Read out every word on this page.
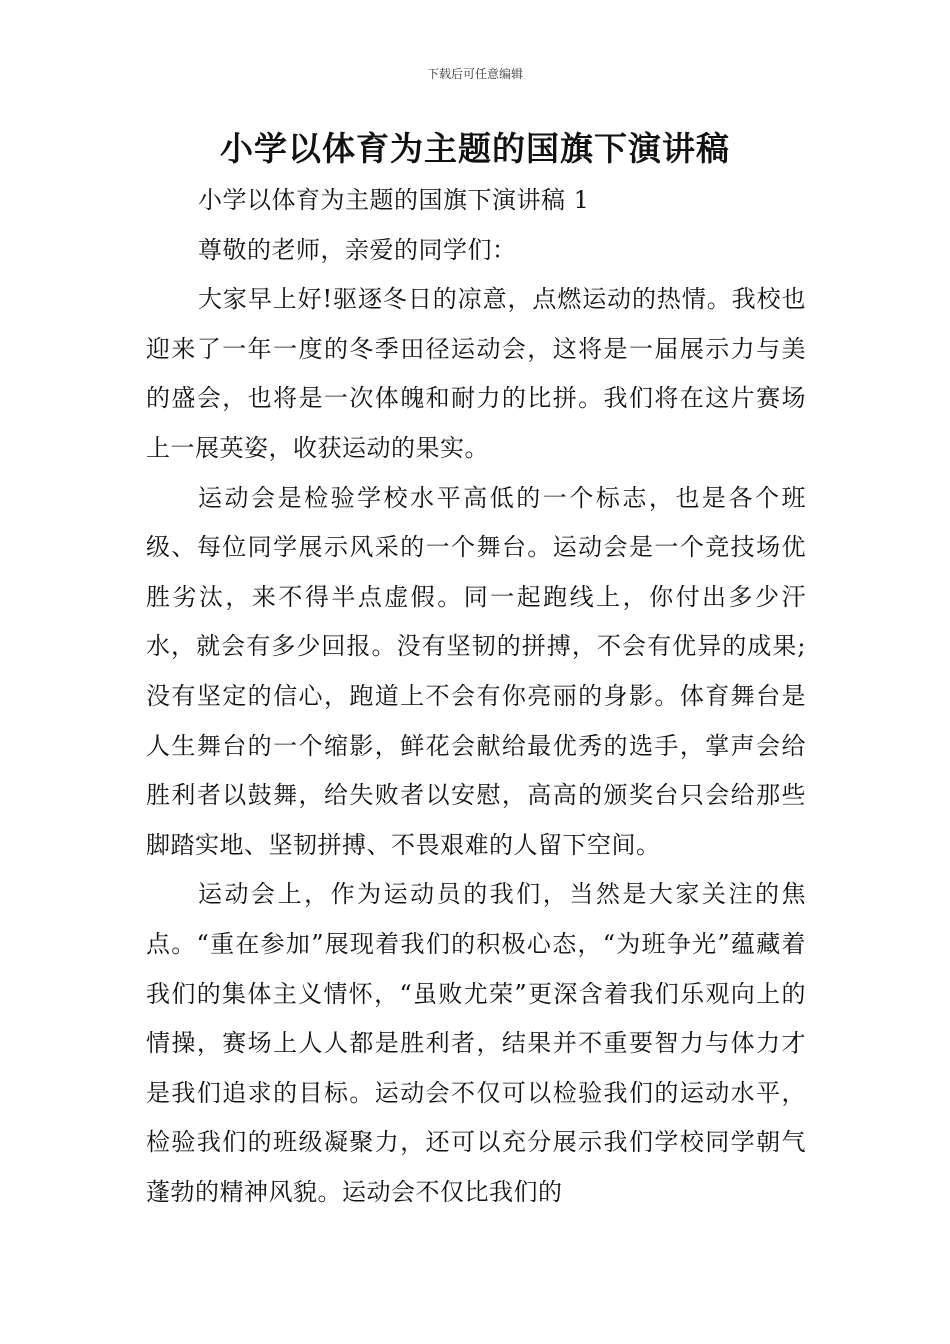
下载后可任意编辑
小学以体育为主题的国旗下演讲稿

小学以体育为主题的国旗下演讲稿 1

尊敬的老师，亲爱的同学们：

大家早上好!驱逐冬日的凉意，点燃运动的热情。我校也迎来了一年一度的冬季田径运动会，这将是一届展示力与美的盛会，也将是一次体魄和耐力的比拼。我们将在这片赛场上一展英姿，收获运动的果实。

运动会是检验学校水平高低的一个标志，也是各个班级、每位同学展示风采的一个舞台。运动会是一个竞技场优胜劣汰，来不得半点虚假。同一起跑线上，你付出多少汗水，就会有多少回报。没有坚韧的拼搏，不会有优异的成果;没有坚定的信心，跑道上不会有你亮丽的身影。体育舞台是人生舞台的一个缩影，鲜花会献给最优秀的选手，掌声会给胜利者以鼓舞，给失败者以安慰，高高的颁奖台只会给那些脚踏实地、坚韧拼搏、不畏艰难的人留下空间。

运动会上，作为运动员的我们，当然是大家关注的焦点。“重在参加”展现着我们的积极心态，“为班争光”蕴藏着我们的集体主义情怀，“虽败尤荣”更深含着我们乐观向上的情操，赛场上人人都是胜利者，结果并不重要智力与体力才是我们追求的目标。运动会不仅可以检验我们的运动水平，检验我们的班级凝聚力，还可以充分展示我们学校同学朝气蓬勃的精神风貌。运动会不仅比我们的
